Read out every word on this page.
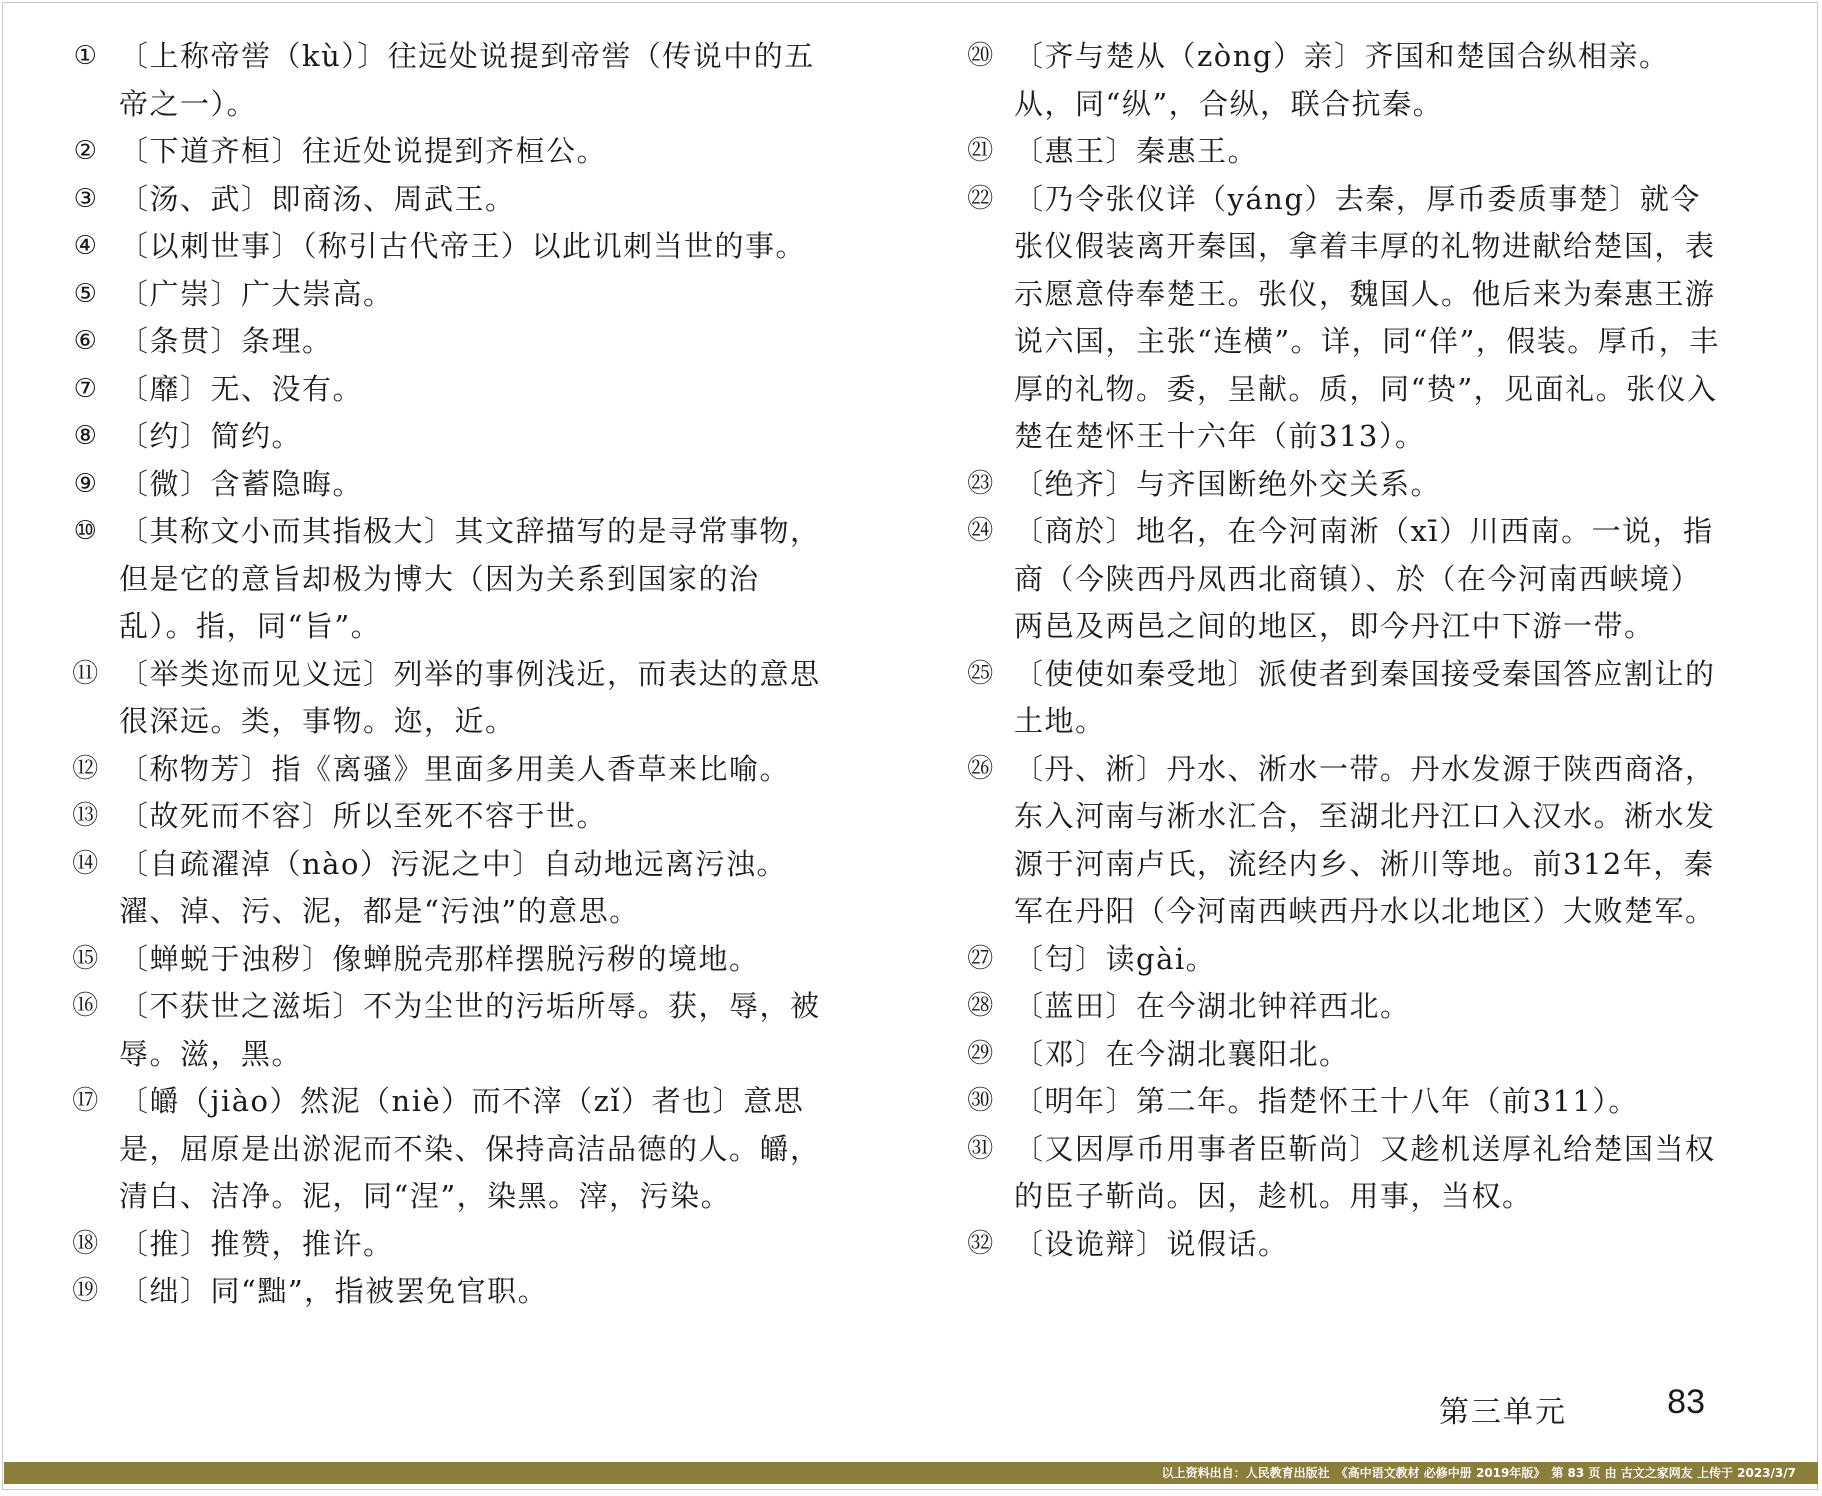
① 〔上称帝喾（kù）〕往远处说提到帝喾（传说中的五帝之一）。
② 〔下道齐桓〕往近处说提到齐桓公。
③ 〔汤、武〕即商汤、周武王。
④ 〔以刺世事〕（称引古代帝王）以此讥刺当世的事。
⑤ 〔广崇〕广大崇高。
⑥ 〔条贯〕条理。
⑦ 〔靡〕无、没有。
⑧ 〔约〕简约。
⑨ 〔微〕含蓄隐晦。
⑩ 〔其称文小而其指极大〕其文辞描写的是寻常事物，但是它的意旨却极为博大（因为关系到国家的治乱）。指，同“旨”。
⑪ 〔举类迩而见义远〕列举的事例浅近，而表达的意思很深远。类，事物。迩，近。
⑫ 〔称物芳〕指《离骚》里面多用美人香草来比喻。
⑬ 〔故死而不容〕所以至死不容于世。
⑭ 〔自疏濯淖（nào）污泥之中〕自动地远离污浊。濯、淖、污、泥，都是“污浊”的意思。
⑮ 〔蝉蜕于浊秽〕像蝉脱壳那样摆脱污秽的境地。
⑯ 〔不获世之滋垢〕不为尘世的污垢所辱。获，辱，被辱。滋，黑。
⑰ 〔皭（jiào）然泥（niè）而不滓（zǐ）者也〕意思是，屈原是出淤泥而不染、保持高洁品德的人。皭，清白、洁净。泥，同“涅”，染黑。滓，污染。
⑱ 〔推〕推赞，推许。
⑲ 〔绌〕同“黜”，指被罢免官职。
⑳ 〔齐与楚从（zòng）亲〕齐国和楚国合纵相亲。从，同“纵”，合纵，联合抗秦。
㉑ 〔惠王〕秦惠王。
㉒ 〔乃令张仪详（yáng）去秦，厚币委质事楚〕就令张仪假装离开秦国，拿着丰厚的礼物进献给楚国，表示愿意侍奉楚王。张仪，魏国人。他后来为秦惠王游说六国，主张“连横”。详，同“佯”，假装。厚币，丰厚的礼物。委，呈献。质，同“贽”，见面礼。张仪入楚在楚怀王十六年（前313）。
㉓ 〔绝齐〕与齐国断绝外交关系。
㉔ 〔商於〕地名，在今河南淅（xī）川西南。一说，指商（今陕西丹凤西北商镇）、於（在今河南西峡境）两邑及两邑之间的地区，即今丹江中下游一带。
㉕ 〔使使如秦受地〕派使者到秦国接受秦国答应割让的土地。
㉖ 〔丹、淅〕丹水、淅水一带。丹水发源于陕西商洛，东入河南与淅水汇合，至湖北丹江口入汉水。淅水发源于河南卢氏，流经内乡、淅川等地。前312年，秦军在丹阳（今河南西峡西丹水以北地区）大败楚军。
㉗ 〔匄〕读gài。
㉘ 〔蓝田〕在今湖北钟祥西北。
㉙ 〔邓〕在今湖北襄阳北。
㉚ 〔明年〕第二年。指楚怀王十八年（前311）。
㉛ 〔又因厚币用事者臣靳尚〕又趁机送厚礼给楚国当权的臣子靳尚。因，趁机。用事，当权。
㉜ 〔设诡辩〕说假话。
第三单元	83
以上资料出自：人民教育出版社　《高中语文教材 必修中册 2019年版》　第 83 页 由 古文之家网友 上传于 2023/3/7
